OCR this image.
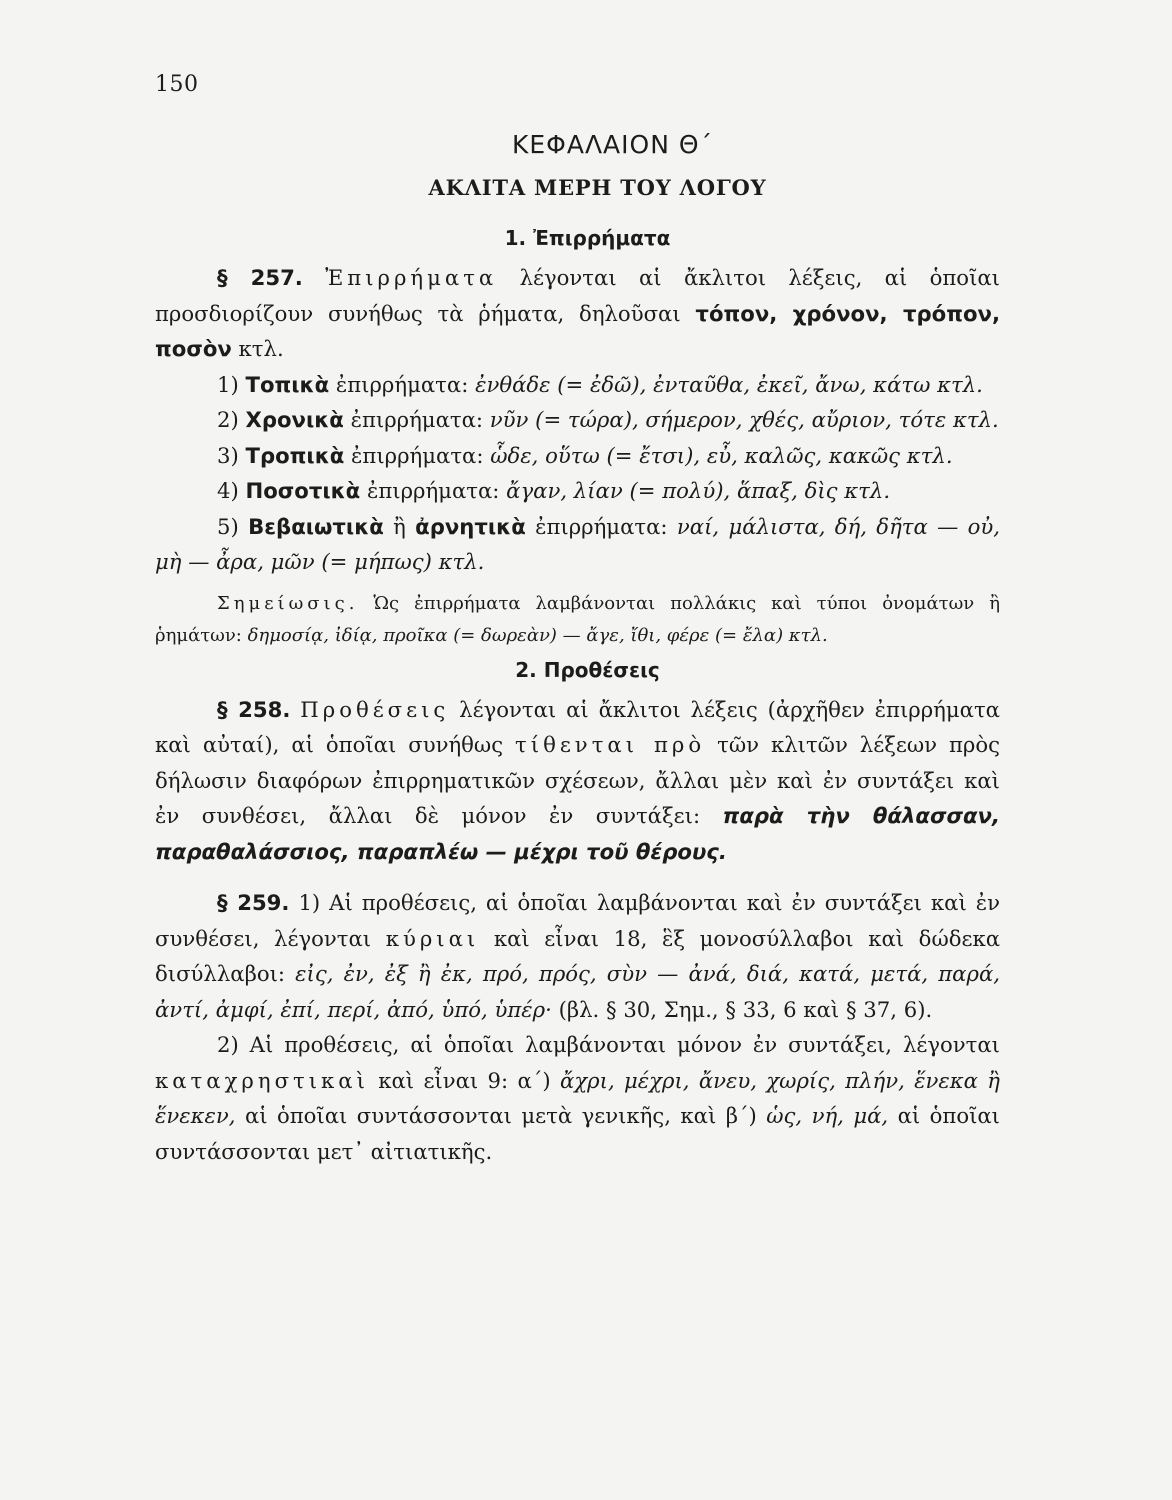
150
ΚΕΦΑΛΑΙΟΝ Θ΄
ΑΚΛΙΤΑ ΜΕΡΗ ΤΟΥ ΛΟΓΟΥ
1. Ἐπιρρήματα

§ 257. Ἐπιρρήματα λέγονται αἱ ἄκλιτοι λέξεις, αἱ ὁποῖαι προσδιορίζουν συνήθως τὰ ῥήματα, δηλοῦσαι τόπον, χρόνον, τρόπον, ποσὸν κτλ.

1) Τοπικὰ ἐπιρρήματα: ἐνθάδε (= ἐδῶ), ἐνταῦθα, ἐκεῖ, ἄνω, κάτω κτλ.

2) Χρονικὰ ἐπιρρήματα: νῦν (= τώρα), σήμερον, χθές, αὔριον, τότε κτλ.

3) Τροπικὰ ἐπιρρήματα: ὧδε, οὕτω (= ἔτσι), εὖ, καλῶς, κακῶς κτλ.

4) Ποσοτικὰ ἐπιρρήματα: ἄγαν, λίαν (= πολύ), ἅπαξ, δὶς κτλ.

5) Βεβαιωτικὰ ἢ ἀρνητικὰ ἐπιρρήματα: ναί, μάλιστα, δή, δῆτα — οὐ, μὴ — ἆρα, μῶν (= μήπως) κτλ.

Σημείωσις. Ὡς ἐπιρρήματα λαμβάνονται πολλάκις καὶ τύποι ὀνομάτων ἢ ῥημάτων: δημοσίᾳ, ἰδίᾳ, προῖκα (= δωρεὰν) — ἄγε, ἴθι, φέρε (= ἔλα) κτλ.

2. Προθέσεις

§ 258. Προθέσεις λέγονται αἱ ἄκλιτοι λέξεις (ἀρχῆθεν ἐπιρρήματα καὶ αὐταί), αἱ ὁποῖαι συνήθως τίθενται πρὸ τῶν κλιτῶν λέξεων πρὸς δήλωσιν διαφόρων ἐπιρρηματικῶν σχέσεων, ἄλλαι μὲν καὶ ἐν συντάξει καὶ ἐν συνθέσει, ἄλλαι δὲ μόνον ἐν συντάξει: παρὰ τὴν θάλασσαν, παραθαλάσσιος, παραπλέω — μέχρι τοῦ θέρους.

§ 259. 1) Αἱ προθέσεις, αἱ ὁποῖαι λαμβάνονται καὶ ἐν συντάξει καὶ ἐν συνθέσει, λέγονται κύριαι καὶ εἶναι 18, ἓξ μονοσύλλαβοι καὶ δώδεκα δισύλλαβοι: εἰς, ἐν, ἐξ ἢ ἐκ, πρό, πρός, σὺν — ἀνά, διά, κατά, μετά, παρά, ἀντί, ἀμφί, ἐπί, περί, ἀπό, ὑπό, ὑπέρ· (βλ. § 30, Σημ., § 33, 6 καὶ § 37, 6).

2) Αἱ προθέσεις, αἱ ὁποῖαι λαμβάνονται μόνον ἐν συντάξει, λέγονται καταχρηστικαὶ καὶ εἶναι 9: α΄) ἄχρι, μέχρι, ἄνευ, χωρίς, πλήν, ἕνεκα ἢ ἕνεκεν, αἱ ὁποῖαι συντάσσονται μετὰ γενικῆς, καὶ β΄) ὡς, νή, μά, αἱ ὁποῖαι συντάσσονται μετ᾽ αἰτιατικῆς.
